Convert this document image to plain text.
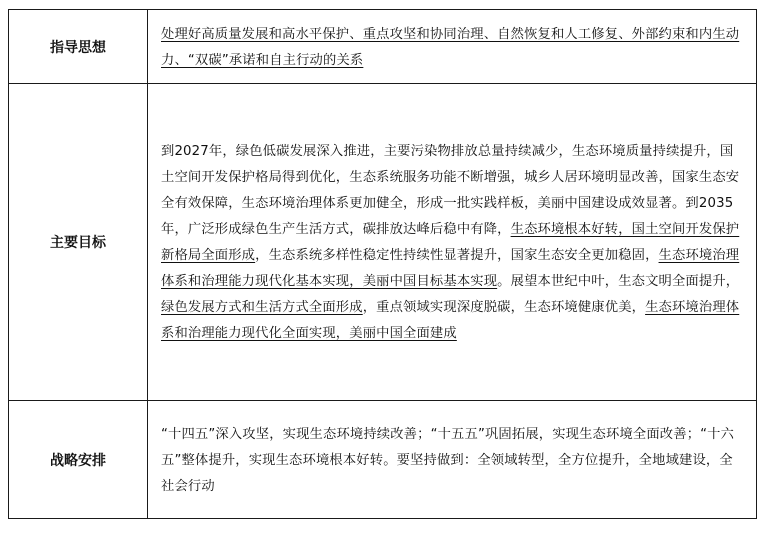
指导思想	处理好高质量发展和高水平保护、重点攻坚和协同治理、自然恢复和人工修复、外部约束和内生动力、“双碳”承诺和自主行动的关系
主要目标	到2027年，绿色低碳发展深入推进，主要污染物排放总量持续减少，生态环境质量持续提升，国土空间开发保护格局得到优化，生态系统服务功能不断增强，城乡人居环境明显改善，国家生态安全有效保障，生态环境治理体系更加健全，形成一批实践样板，美丽中国建设成效显著。到2035年，广泛形成绿色生产生活方式，碳排放达峰后稳中有降，生态环境根本好转，国土空间开发保护新格局全面形成，生态系统多样性稳定性持续性显著提升，国家生态安全更加稳固，生态环境治理体系和治理能力现代化基本实现，美丽中国目标基本实现。展望本世纪中叶，生态文明全面提升，绿色发展方式和生活方式全面形成，重点领域实现深度脱碳，生态环境健康优美，生态环境治理体系和治理能力现代化全面实现，美丽中国全面建成
战略安排	“十四五”深入攻坚，实现生态环境持续改善；“十五五”巩固拓展，实现生态环境全面改善；“十六五”整体提升，实现生态环境根本好转。要坚持做到：全领域转型，全方位提升，全地域建设，全社会行动
